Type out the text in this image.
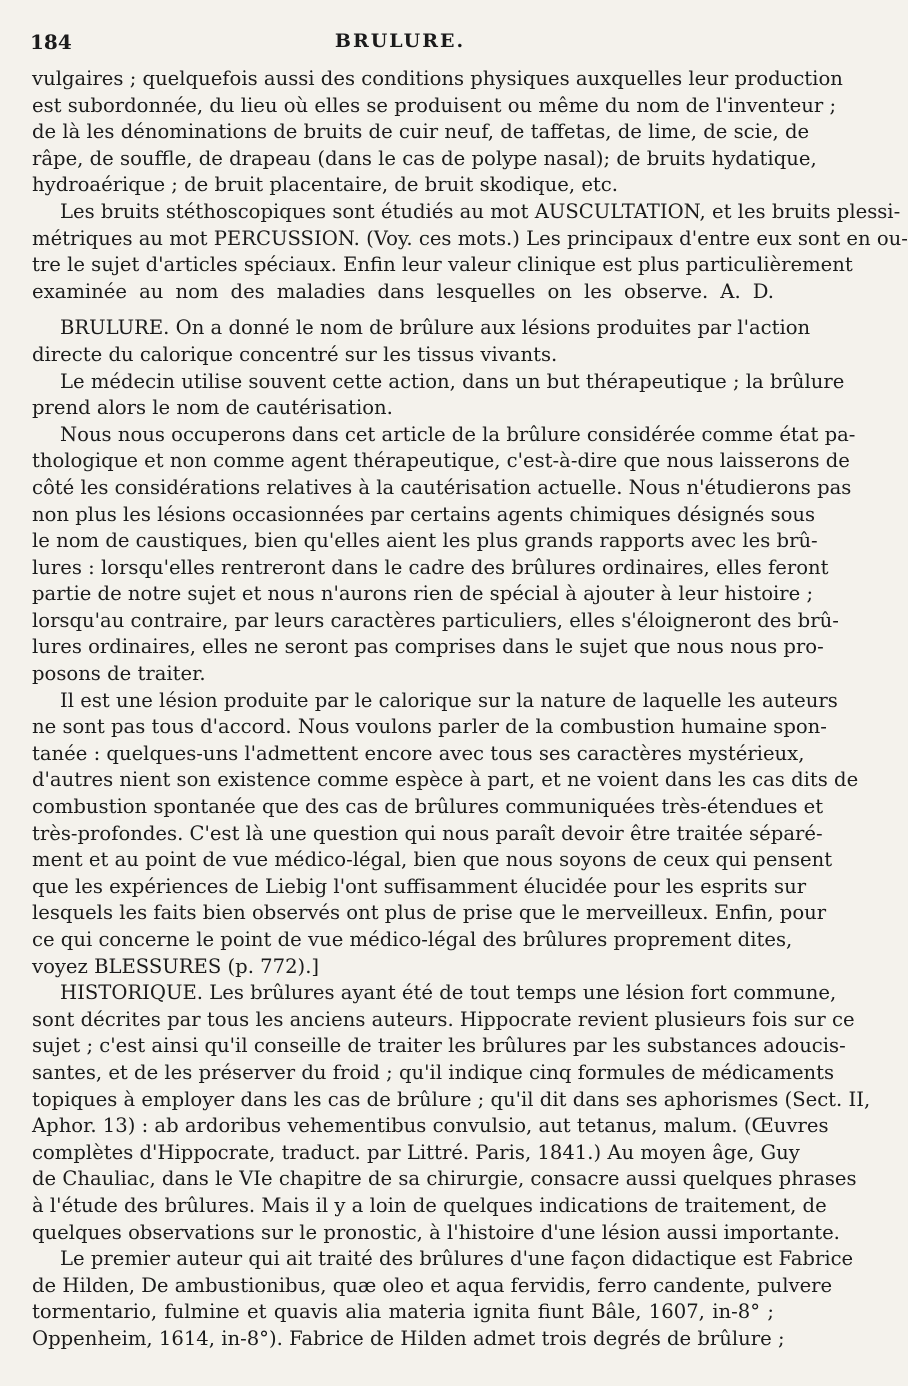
184	BRULURE.
vulgaires ; quelquefois aussi des conditions physiques auxquelles leur production
est subordonnée, du lieu où elles se produisent ou même du nom de l'inventeur ;
de là les dénominations de bruits de cuir neuf, de taffetas, de lime, de scie, de
râpe, de souffle, de drapeau (dans le cas de polype nasal); de bruits hydatique,
hydroaérique ; de bruit placentaire, de bruit skodique, etc.
Les bruits stéthoscopiques sont étudiés au mot AUSCULTATION, et les bruits plessi-
métriques au mot PERCUSSION. (Voy. ces mots.) Les principaux d'entre eux sont en ou-
tre le sujet d'articles spéciaux. Enfin leur valeur clinique est plus particulièrement
examinée au nom des maladies dans lesquelles on les observe. A. D.
BRULURE. On a donné le nom de brûlure aux lésions produites par l'action
directe du calorique concentré sur les tissus vivants.
Le médecin utilise souvent cette action, dans un but thérapeutique ; la brûlure
prend alors le nom de cautérisation.
Nous nous occuperons dans cet article de la brûlure considérée comme état pa-
thologique et non comme agent thérapeutique, c'est-à-dire que nous laisserons de
côté les considérations relatives à la cautérisation actuelle. Nous n'étudierons pas
non plus les lésions occasionnées par certains agents chimiques désignés sous
le nom de caustiques, bien qu'elles aient les plus grands rapports avec les brû-
lures : lorsqu'elles rentreront dans le cadre des brûlures ordinaires, elles feront
partie de notre sujet et nous n'aurons rien de spécial à ajouter à leur histoire ;
lorsqu'au contraire, par leurs caractères particuliers, elles s'éloigneront des brû-
lures ordinaires, elles ne seront pas comprises dans le sujet que nous nous pro-
posons de traiter.
Il est une lésion produite par le calorique sur la nature de laquelle les auteurs
ne sont pas tous d'accord. Nous voulons parler de la combustion humaine spon-
tanée : quelques-uns l'admettent encore avec tous ses caractères mystérieux,
d'autres nient son existence comme espèce à part, et ne voient dans les cas dits de
combustion spontanée que des cas de brûlures communiquées très-étendues et
très-profondes. C'est là une question qui nous paraît devoir être traitée séparé-
ment et au point de vue médico-légal, bien que nous soyons de ceux qui pensent
que les expériences de Liebig l'ont suffisamment élucidée pour les esprits sur
lesquels les faits bien observés ont plus de prise que le merveilleux. Enfin, pour
ce qui concerne le point de vue médico-légal des brûlures proprement dites,
voyez BLESSURES (p. 772).]
HISTORIQUE. Les brûlures ayant été de tout temps une lésion fort commune,
sont décrites par tous les anciens auteurs. Hippocrate revient plusieurs fois sur ce
sujet ; c'est ainsi qu'il conseille de traiter les brûlures par les substances adoucis-
santes, et de les préserver du froid ; qu'il indique cinq formules de médicaments
topiques à employer dans les cas de brûlure ; qu'il dit dans ses aphorismes (Sect. II,
Aphor. 13) : ab ardoribus vehementibus convulsio, aut tetanus, malum. (Œuvres
complètes d'Hippocrate, traduct. par Littré. Paris, 1841.) Au moyen âge, Guy
de Chauliac, dans le VIe chapitre de sa chirurgie, consacre aussi quelques phrases
à l'étude des brûlures. Mais il y a loin de quelques indications de traitement, de
quelques observations sur le pronostic, à l'histoire d'une lésion aussi importante.
Le premier auteur qui ait traité des brûlures d'une façon didactique est Fabrice
de Hilden, De ambustionibus, quæ oleo et aqua fervidis, ferro candente, pulvere
tormentario, fulmine et quavis alia materia ignita fiunt Bâle, 1607, in-8° ;
Oppenheim, 1614, in-8°). Fabrice de Hilden admet trois degrés de brûlure ;
